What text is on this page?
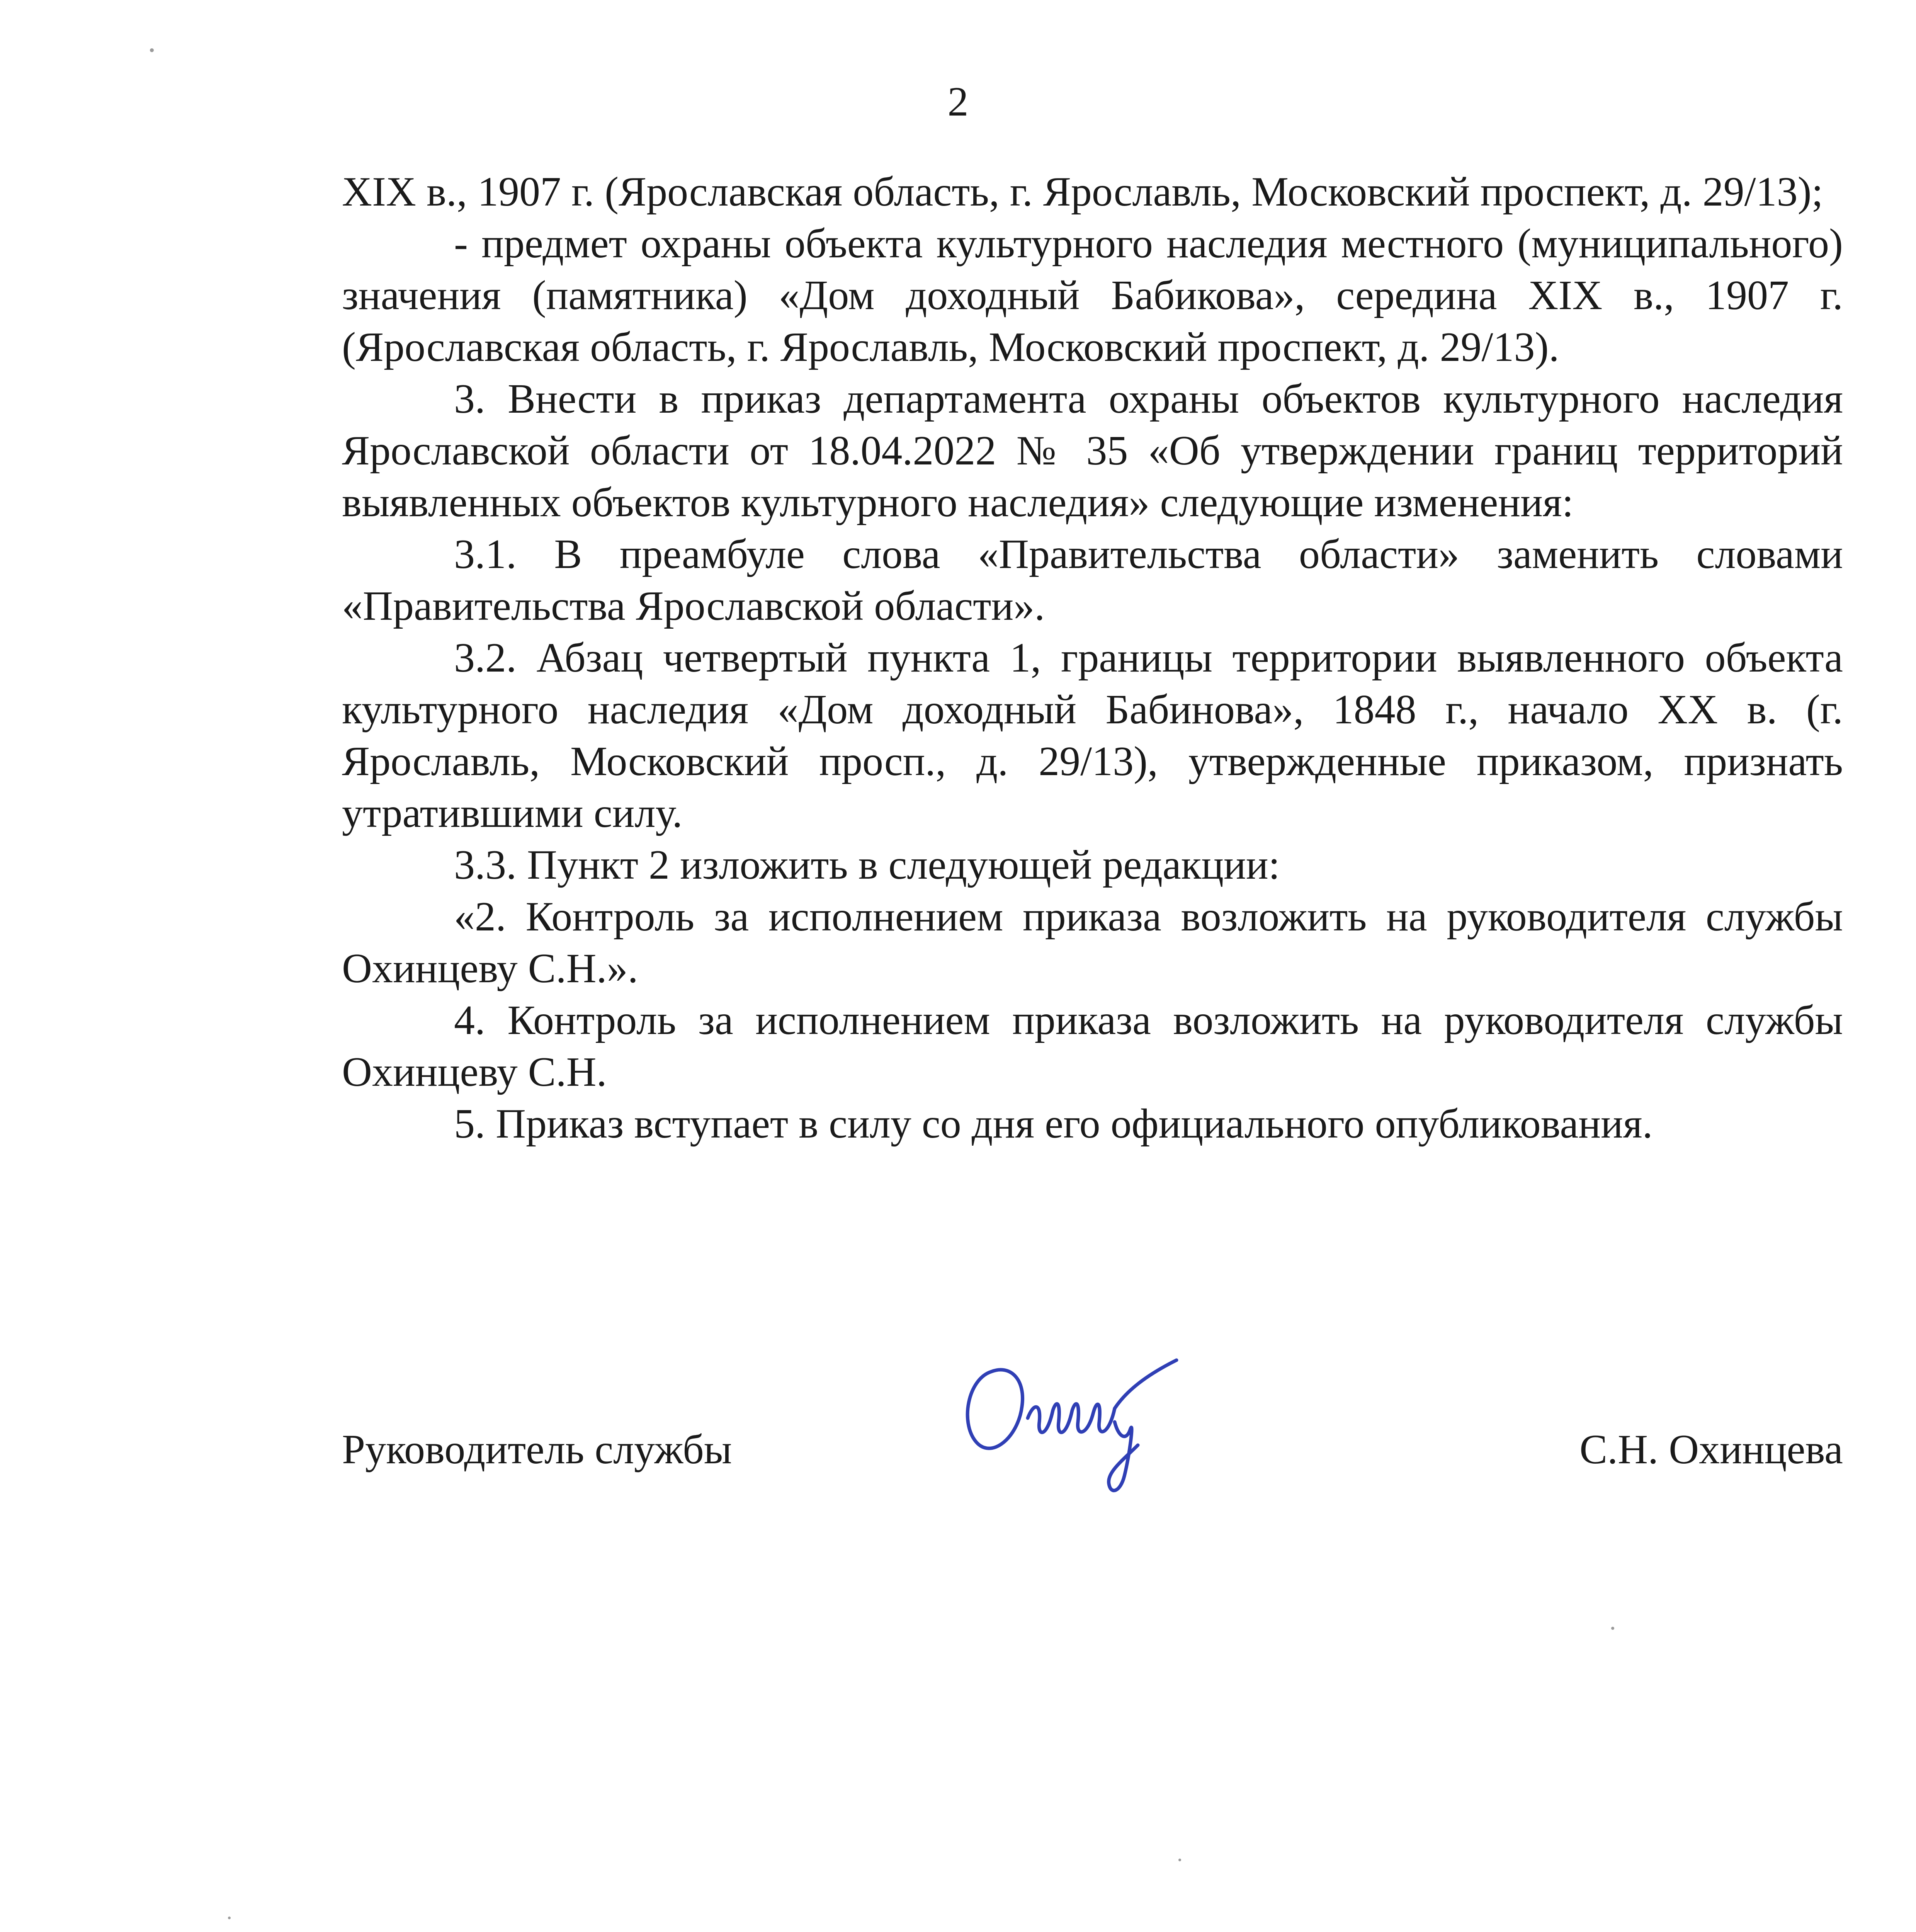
2

XIX в., 1907 г. (Ярославская область, г. Ярославль, Московский проспект, д. 29/13);

- предмет охраны объекта культурного наследия местного (муниципального) значения (памятника) «Дом доходный Бабикова», середина XIX в., 1907 г. (Ярославская область, г. Ярославль, Московский проспект, д. 29/13).

3. Внести в приказ департамента охраны объектов культурного наследия Ярославской области от 18.04.2022 № 35 «Об утверждении границ территорий выявленных объектов культурного наследия» следующие изменения:

3.1. В преамбуле слова «Правительства области» заменить словами «Правительства Ярославской области».

3.2. Абзац четвертый пункта 1, границы территории выявленного объекта культурного наследия «Дом доходный Бабинова», 1848 г., начало XX в. (г. Ярославль, Московский просп., д. 29/13), утвержденные приказом, признать утратившими силу.

3.3. Пункт 2 изложить в следующей редакции:

«2. Контроль за исполнением приказа возложить на руководителя службы Охинцеву С.Н.».

4. Контроль за исполнением приказа возложить на руководителя службы Охинцеву С.Н.

5. Приказ вступает в силу со дня его официального опубликования.

Руководитель службы	С.Н. Охинцева
